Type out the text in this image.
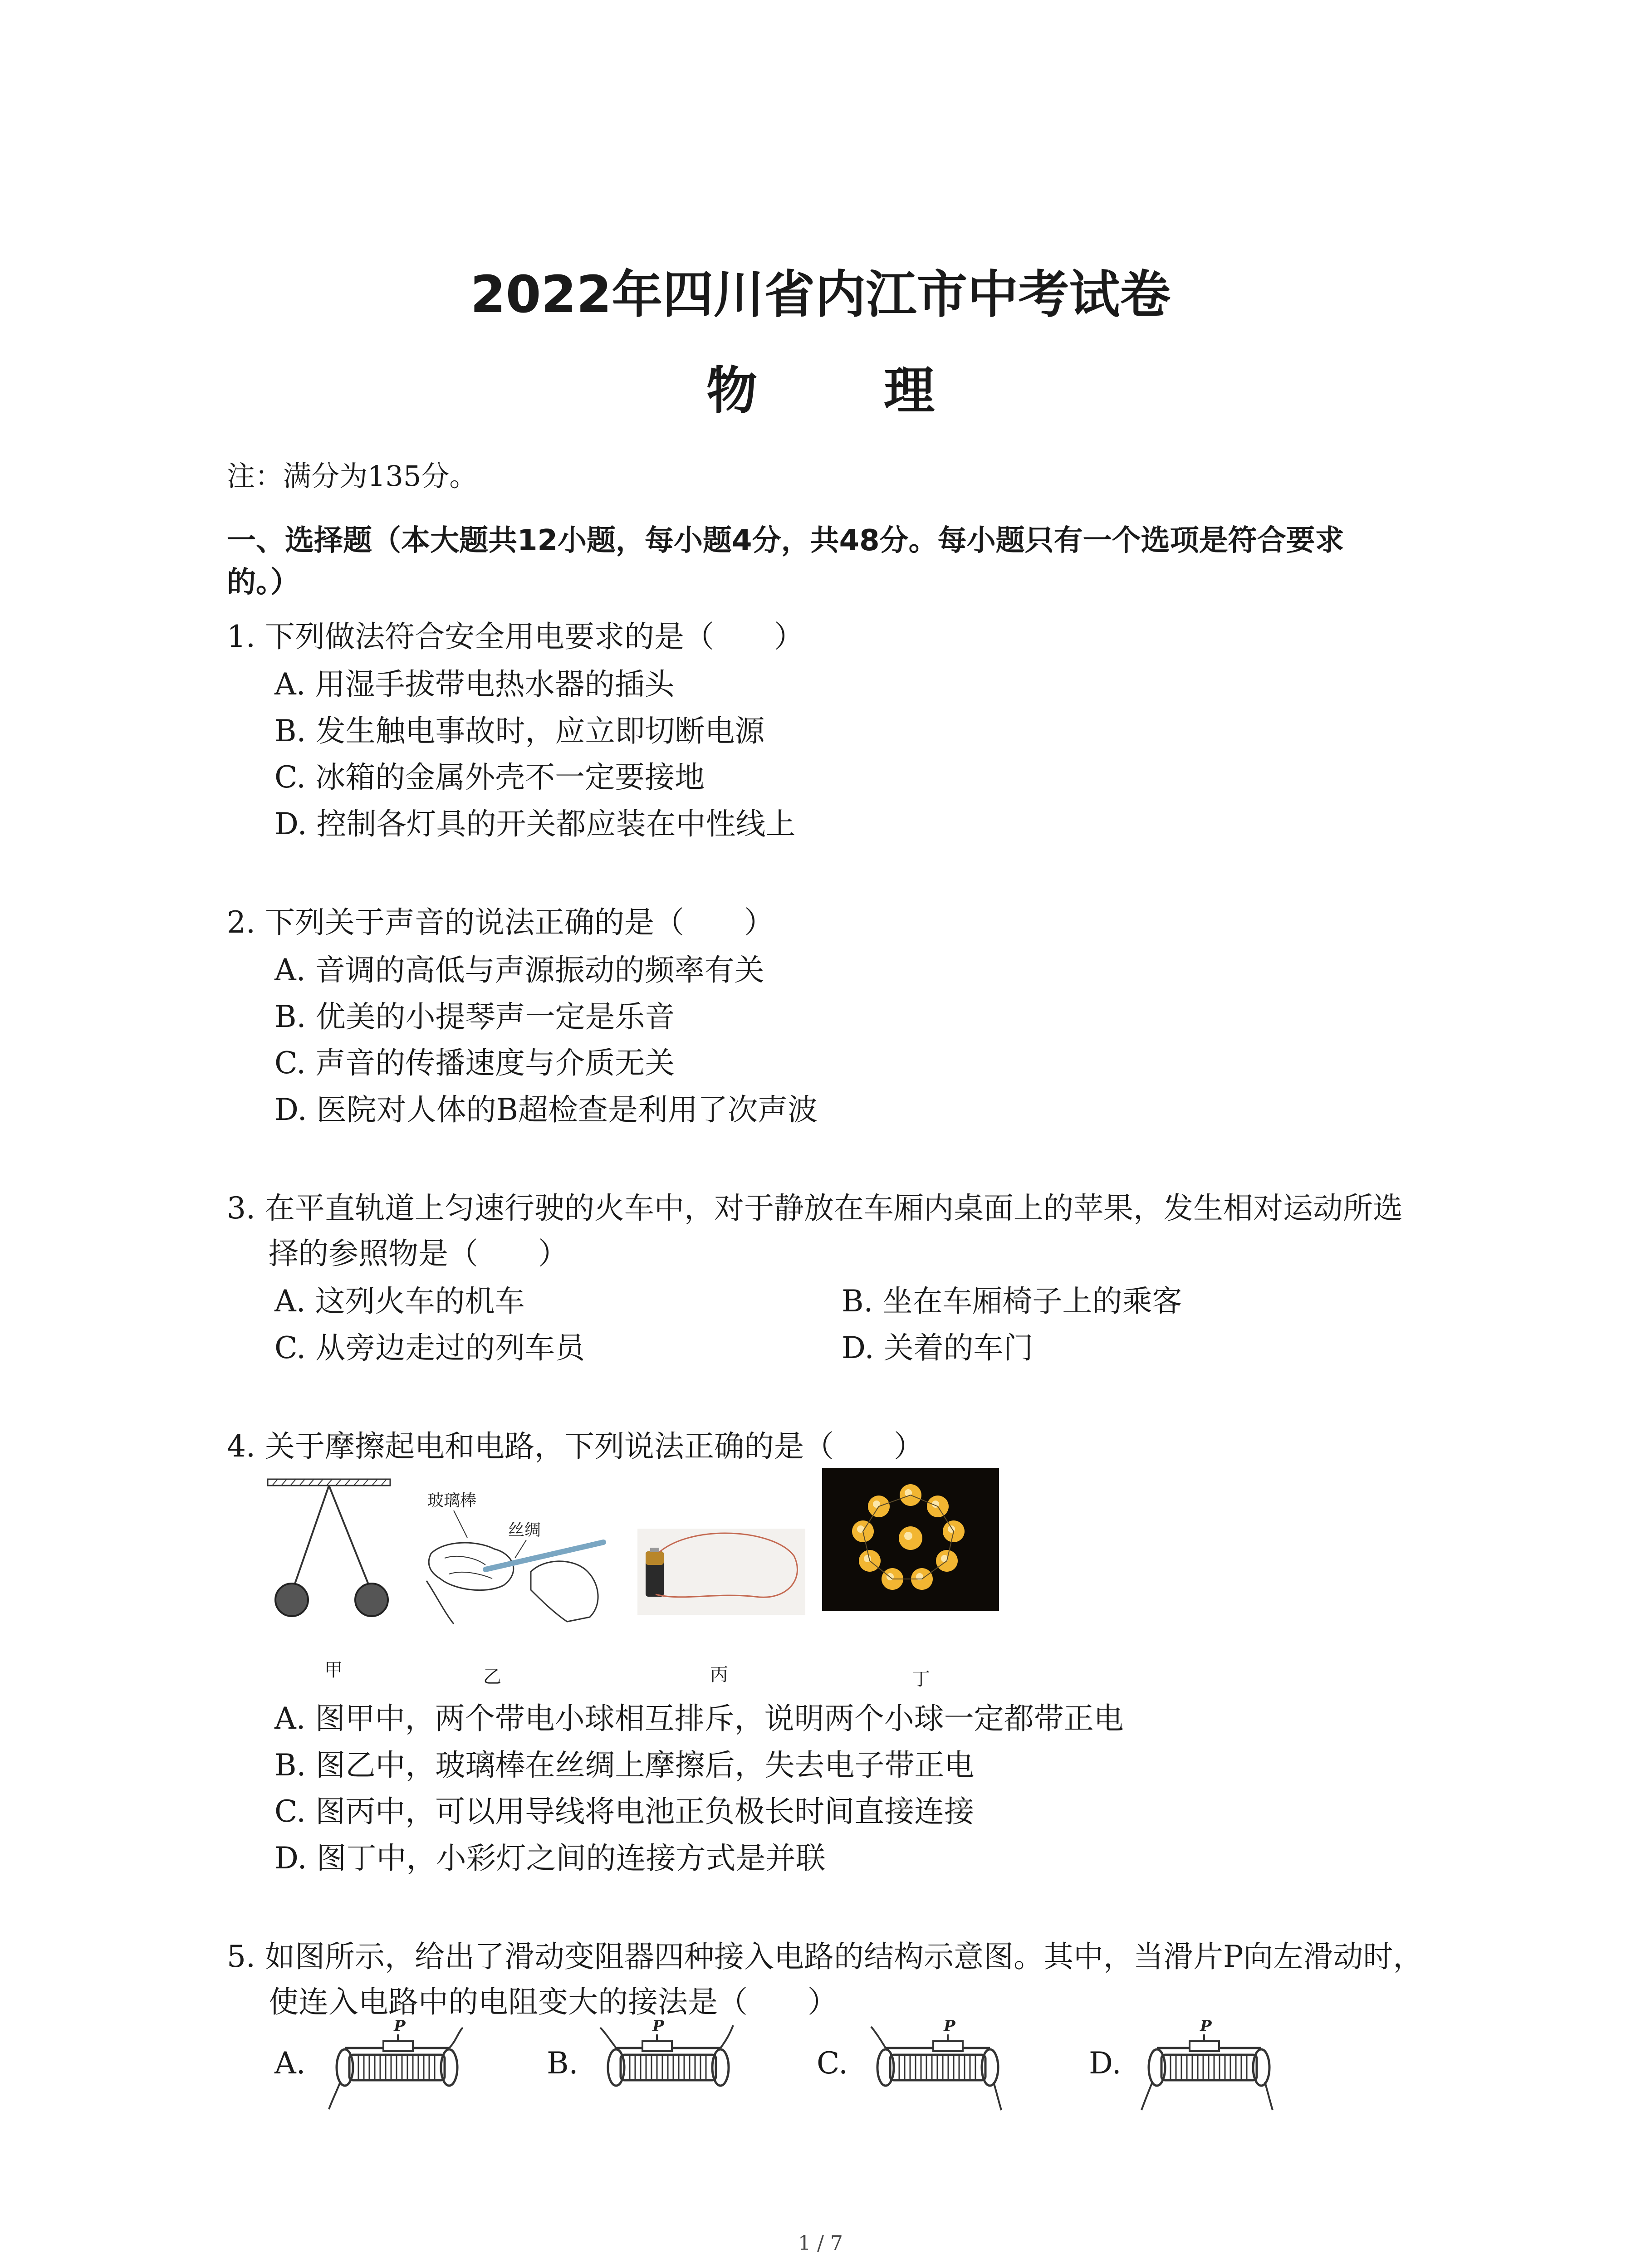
2022年四川省内江市中考试卷
物 理
注：满分为135分。
一、选择题（本大题共12小题，每小题4分，共48分。每小题只有一个选项是符合要求
的。）
1. 下列做法符合安全用电要求的是（　　）
A. 用湿手拔带电热水器的插头
B. 发生触电事故时，应立即切断电源
C. 冰箱的金属外壳不一定要接地
D. 控制各灯具的开关都应装在中性线上
2. 下列关于声音的说法正确的是（　　）
A. 音调的高低与声源振动的频率有关
B. 优美的小提琴声一定是乐音
C. 声音的传播速度与介质无关
D. 医院对人体的B超检查是利用了次声波
3. 在平直轨道上匀速行驶的火车中，对于静放在车厢内桌面上的苹果，发生相对运动所选
择的参照物是（　　）
A. 这列火车的机车	B. 坐在车厢椅子上的乘客
C. 从旁边走过的列车员	D. 关着的车门
4. 关于摩擦起电和电路，下列说法正确的是（　　）
玻璃棒
丝绸
甲	乙	丙	丁
A. 图甲中，两个带电小球相互排斥，说明两个小球一定都带正电
B. 图乙中，玻璃棒在丝绸上摩擦后，失去电子带正电
C. 图丙中，可以用导线将电池正负极长时间直接连接
D. 图丁中，小彩灯之间的连接方式是并联
5. 如图所示，给出了滑动变阻器四种接入电路的结构示意图。其中，当滑片P向左滑动时，
使连入电路中的电阻变大的接法是（　　）
A.	B.	C.	D.
P	P	P	P
1 / 7
